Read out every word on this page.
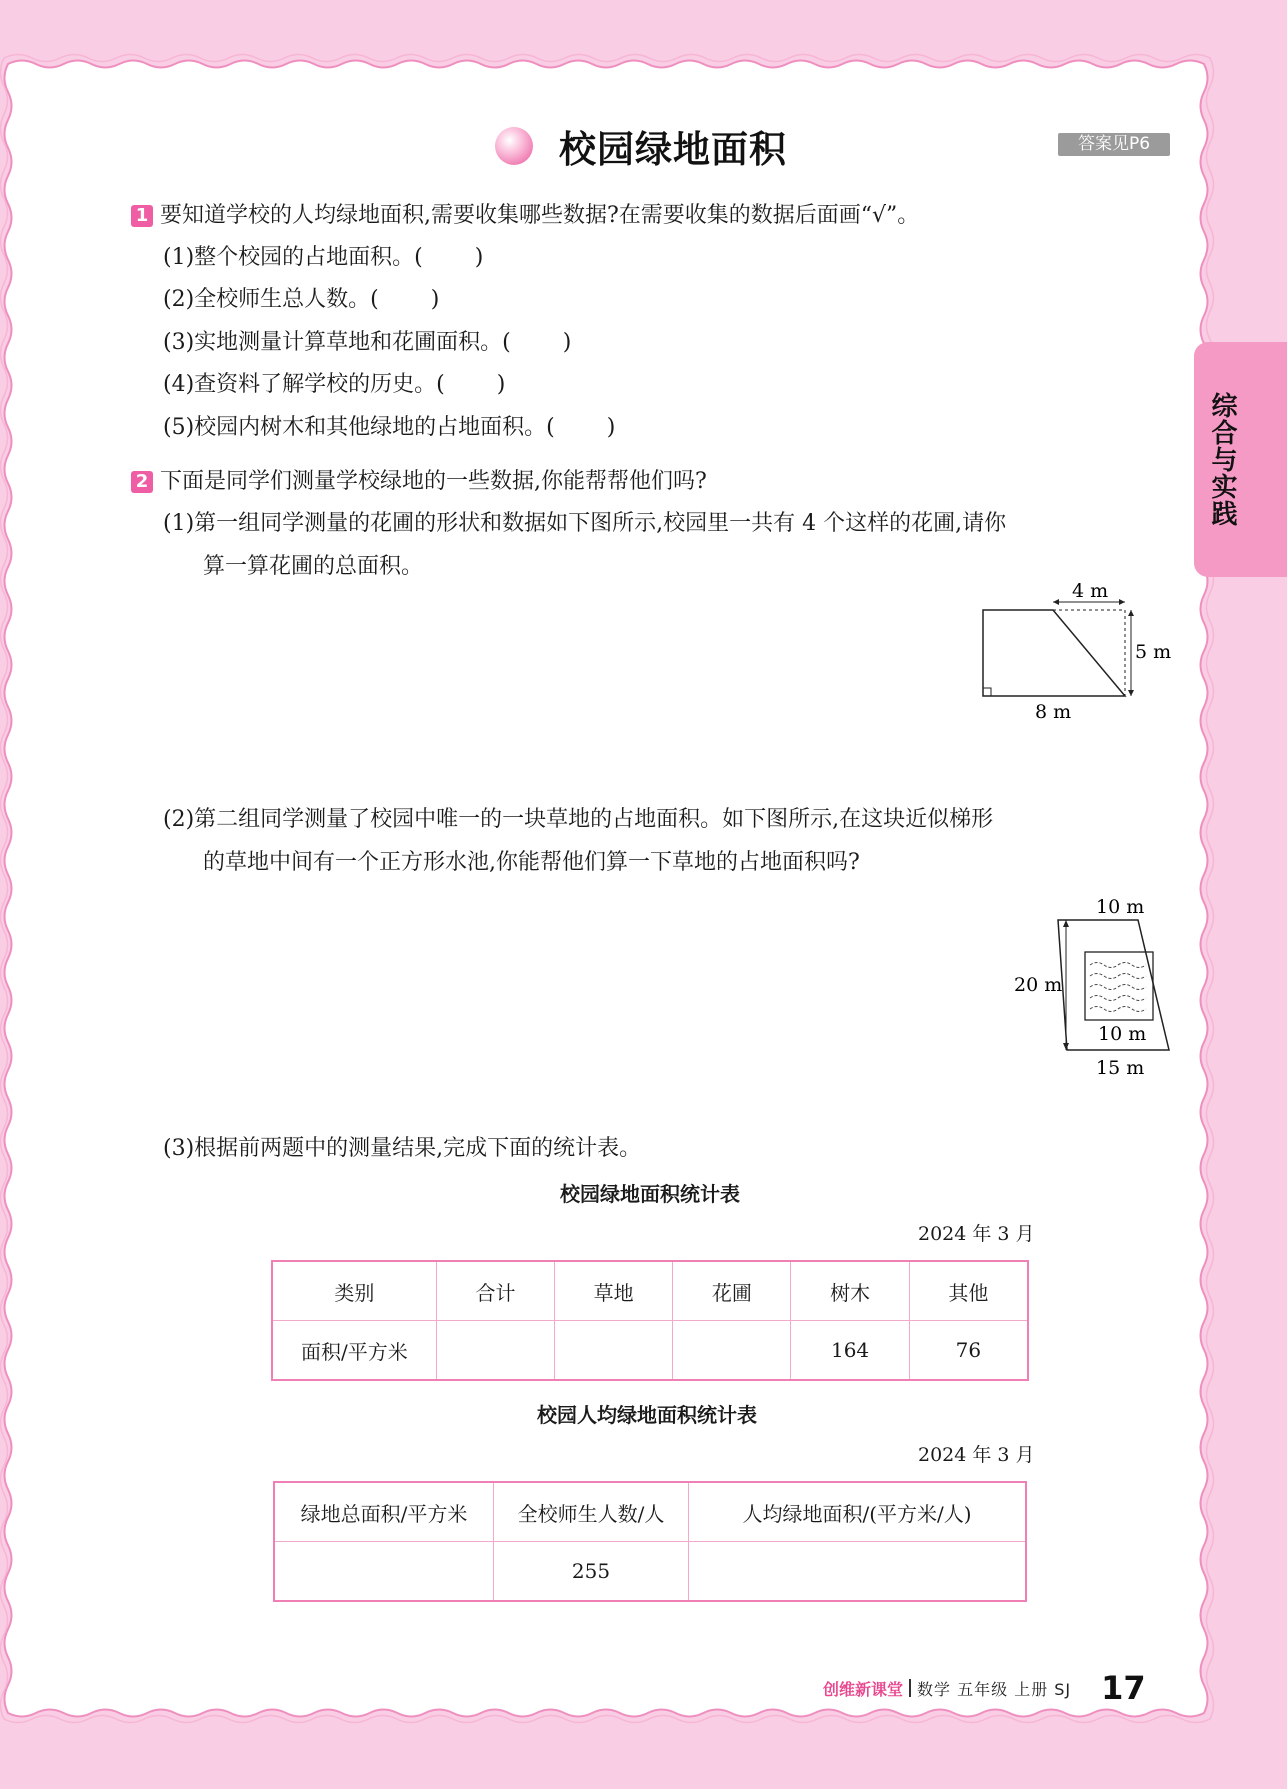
校园绿地面积	答案见P6
综合与实践
1 要知道学校的人均绿地面积,需要收集哪些数据?在需要收集的数据后面画“√”。
(1)整个校园的占地面积。( )
(2)全校师生总人数。( )
(3)实地测量计算草地和花圃面积。( )
(4)查资料了解学校的历史。( )
(5)校园内树木和其他绿地的占地面积。( )
2 下面是同学们测量学校绿地的一些数据,你能帮帮他们吗?
(1)第一组同学测量的花圃的形状和数据如下图所示,校园里一共有 4 个这样的花圃,请你
算一算花圃的总面积。
4 m
5 m
8 m
(2)第二组同学测量了校园中唯一的一块草地的占地面积。如下图所示,在这块近似梯形
的草地中间有一个正方形水池,你能帮他们算一下草地的占地面积吗?
10 m
20 m
10 m
15 m
(3)根据前两题中的测量结果,完成下面的统计表。
校园绿地面积统计表
2024 年 3 月
类别	合计	草地	花圃	树木	其他
面积/平方米				164	76
校园人均绿地面积统计表
2024 年 3 月
绿地总面积/平方米	全校师生人数/人	人均绿地面积/(平方米/人)
	255	
创维新课堂 数学 五年级 上册 SJ 17
